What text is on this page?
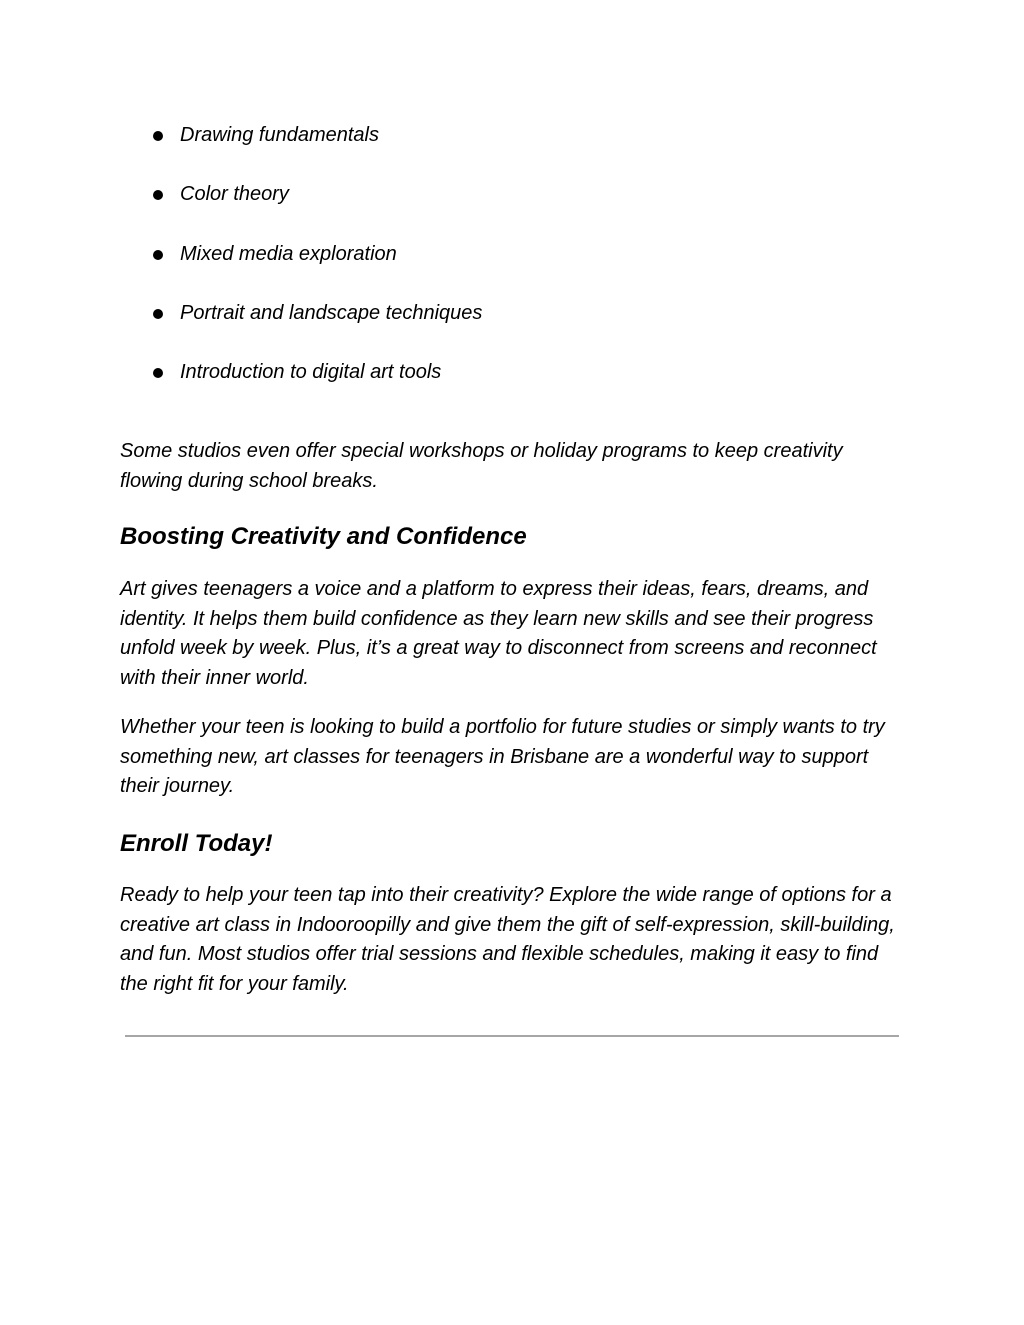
Drawing fundamentals
Color theory
Mixed media exploration
Portrait and landscape techniques
Introduction to digital art tools

Some studios even offer special workshops or holiday programs to keep creativity flowing during school breaks.

Boosting Creativity and Confidence

Art gives teenagers a voice and a platform to express their ideas, fears, dreams, and identity. It helps them build confidence as they learn new skills and see their progress unfold week by week. Plus, it’s a great way to disconnect from screens and reconnect with their inner world.

Whether your teen is looking to build a portfolio for future studies or simply wants to try something new, art classes for teenagers in Brisbane are a wonderful way to support their journey.

Enroll Today!

Ready to help your teen tap into their creativity? Explore the wide range of options for a creative art class in Indooroopilly and give them the gift of self-expression, skill-building, and fun. Most studios offer trial sessions and flexible schedules, making it easy to find the right fit for your family.
